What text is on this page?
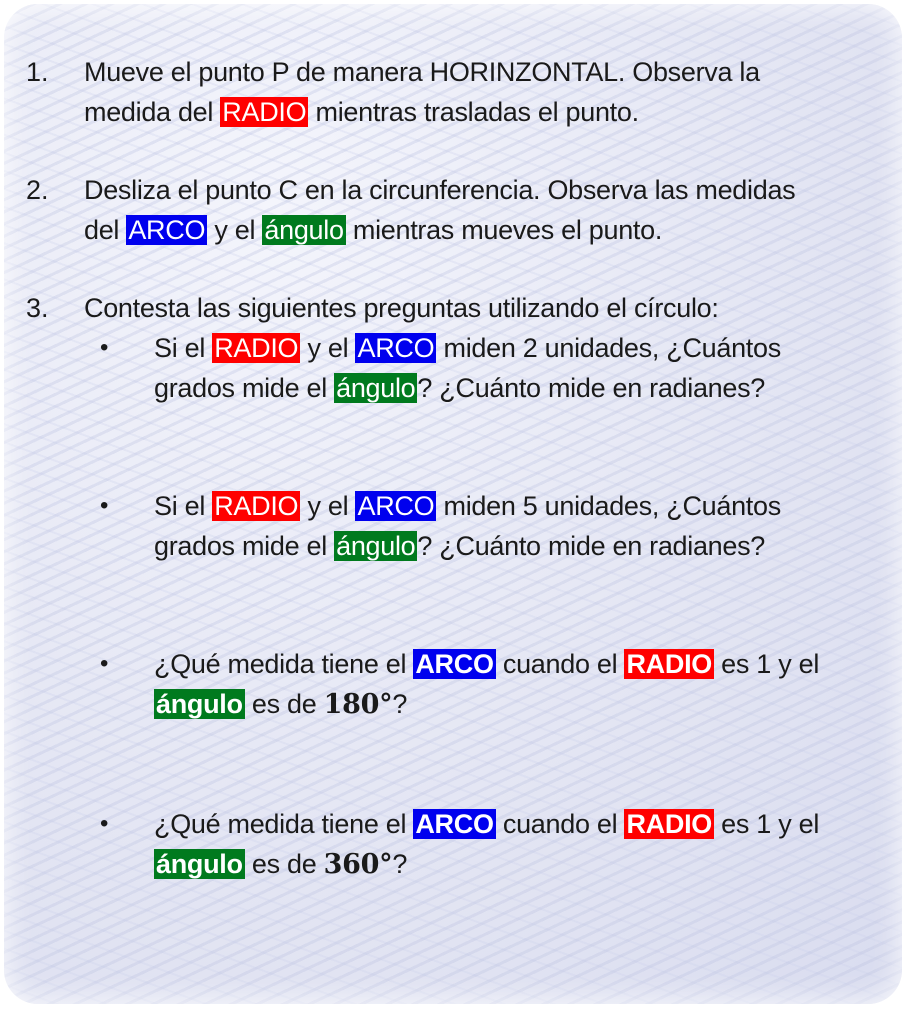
1. Mueve el punto P de manera HORINZONTAL. Observa la
medida del RADIO mientras trasladas el punto.
2. Desliza el punto C en la circunferencia. Observa las medidas
del ARCO y el ángulo mientras mueves el punto.
3. Contesta las siguientes preguntas utilizando el círculo:
• Si el RADIO y el ARCO miden 2 unidades, ¿Cuántos
grados mide el ángulo? ¿Cuánto mide en radianes?
• Si el RADIO y el ARCO miden 5 unidades, ¿Cuántos
grados mide el ángulo? ¿Cuánto mide en radianes?
• ¿Qué medida tiene el ARCO cuando el RADIO es 1 y el
ángulo es de 180°?
• ¿Qué medida tiene el ARCO cuando el RADIO es 1 y el
ángulo es de 360°?
